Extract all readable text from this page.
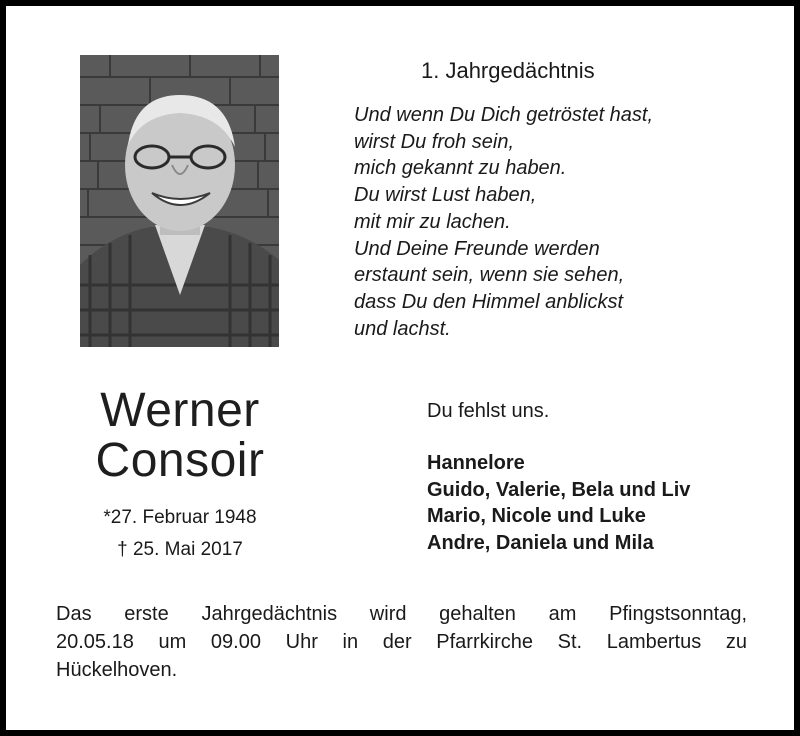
Werner
Consoir
*27. Februar 1948
† 25. Mai 2017
1. Jahrgedächtnis
Und wenn Du Dich getröstet hast,
wirst Du froh sein,
mich gekannt zu haben.
Du wirst Lust haben,
mit mir zu lachen.
Und Deine Freunde werden
erstaunt sein, wenn sie sehen,
dass Du den Himmel anblickst
und lachst.
Du fehlst uns.
Hannelore
Guido, Valerie, Bela und Liv
Mario, Nicole und Luke
Andre, Daniela und Mila
Das erste Jahrgedächtnis wird gehalten am Pfingstsonntag,
20.05.18 um 09.00 Uhr in der Pfarrkirche St. Lambertus zu
Hückelhoven.
